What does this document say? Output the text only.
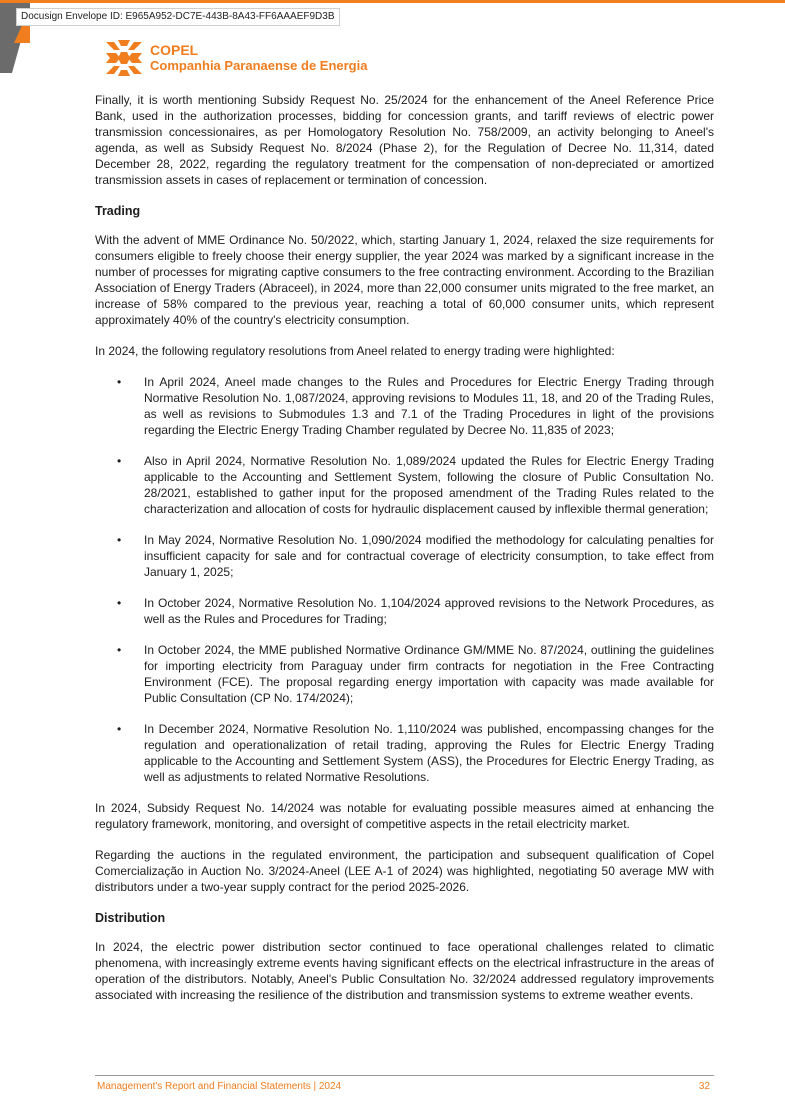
Docusign Envelope ID: E965A952-DC7E-443B-8A43-FF6AAAEF9D3B
COPEL
Companhia Paranaense de Energia

Finally, it is worth mentioning Subsidy Request No. 25/2024 for the enhancement of the Aneel Reference Price Bank, used in the authorization processes, bidding for concession grants, and tariff reviews of electric power transmission concessionaires, as per Homologatory Resolution No. 758/2009, an activity belonging to Aneel's agenda, as well as Subsidy Request No. 8/2024 (Phase 2), for the Regulation of Decree No. 11,314, dated December 28, 2022, regarding the regulatory treatment for the compensation of non-depreciated or amortized transmission assets in cases of replacement or termination of concession.

Trading

With the advent of MME Ordinance No. 50/2022, which, starting January 1, 2024, relaxed the size requirements for consumers eligible to freely choose their energy supplier, the year 2024 was marked by a significant increase in the number of processes for migrating captive consumers to the free contracting environment. According to the Brazilian Association of Energy Traders (Abraceel), in 2024, more than 22,000 consumer units migrated to the free market, an increase of 58% compared to the previous year, reaching a total of 60,000 consumer units, which represent approximately 40% of the country's electricity consumption.

In 2024, the following regulatory resolutions from Aneel related to energy trading were highlighted:

• In April 2024, Aneel made changes to the Rules and Procedures for Electric Energy Trading through Normative Resolution No. 1,087/2024, approving revisions to Modules 11, 18, and 20 of the Trading Rules, as well as revisions to Submodules 1.3 and 7.1 of the Trading Procedures in light of the provisions regarding the Electric Energy Trading Chamber regulated by Decree No. 11,835 of 2023;
• Also in April 2024, Normative Resolution No. 1,089/2024 updated the Rules for Electric Energy Trading applicable to the Accounting and Settlement System, following the closure of Public Consultation No. 28/2021, established to gather input for the proposed amendment of the Trading Rules related to the characterization and allocation of costs for hydraulic displacement caused by inflexible thermal generation;
• In May 2024, Normative Resolution No. 1,090/2024 modified the methodology for calculating penalties for insufficient capacity for sale and for contractual coverage of electricity consumption, to take effect from January 1, 2025;
• In October 2024, Normative Resolution No. 1,104/2024 approved revisions to the Network Procedures, as well as the Rules and Procedures for Trading;
• In October 2024, the MME published Normative Ordinance GM/MME No. 87/2024, outlining the guidelines for importing electricity from Paraguay under firm contracts for negotiation in the Free Contracting Environment (FCE). The proposal regarding energy importation with capacity was made available for Public Consultation (CP No. 174/2024);
• In December 2024, Normative Resolution No. 1,110/2024 was published, encompassing changes for the regulation and operationalization of retail trading, approving the Rules for Electric Energy Trading applicable to the Accounting and Settlement System (ASS), the Procedures for Electric Energy Trading, as well as adjustments to related Normative Resolutions.

In 2024, Subsidy Request No. 14/2024 was notable for evaluating possible measures aimed at enhancing the regulatory framework, monitoring, and oversight of competitive aspects in the retail electricity market.

Regarding the auctions in the regulated environment, the participation and subsequent qualification of Copel Comercialização in Auction No. 3/2024-Aneel (LEE A-1 of 2024) was highlighted, negotiating 50 average MW with distributors under a two-year supply contract for the period 2025-2026.

Distribution

In 2024, the electric power distribution sector continued to face operational challenges related to climatic phenomena, with increasingly extreme events having significant effects on the electrical infrastructure in the areas of operation of the distributors. Notably, Aneel's Public Consultation No. 32/2024 addressed regulatory improvements associated with increasing the resilience of the distribution and transmission systems to extreme weather events.

Management's Report and Financial Statements | 2024	32
